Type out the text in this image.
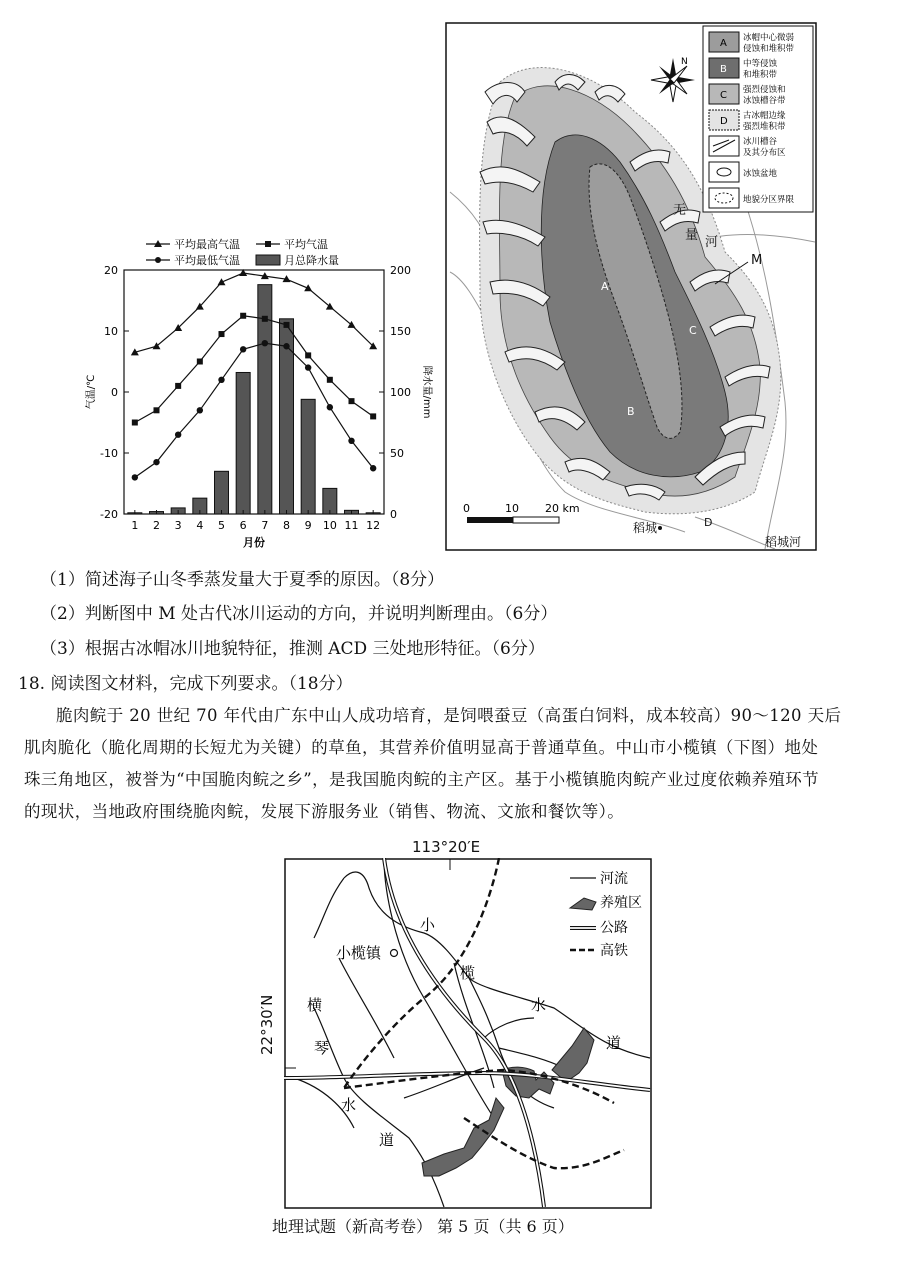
20
10
0
-10
-20
200
150
100
50
0
1 2 3 4 5 6 7 8 9 10 11 12
月份
气温/℃	降水量/mm
平均最高气温	平均气温
平均最低气温	月总降水量
A
B
C
D
M
无
量 河
稻城
稻城河
N
0	10 20 km
A 冰帽中心微弱
侵蚀和堆积带
B 中等侵蚀
和堆积带
C 强烈侵蚀和
冰蚀槽谷带
D 古冰帽边缘
强烈堆积带
冰川槽谷
及其分布区
冰蚀盆地
地貌分区界限
（1）简述海子山冬季蒸发量大于夏季的原因。（8分）
（2）判断图中 M 处古代冰川运动的方向，并说明判断理由。（6分）
（3）根据古冰帽冰川地貌特征，推测 ACD 三处地形特征。（6分）
18. 阅读图文材料，完成下列要求。（18分）
脆肉鲩于 20 世纪 70 年代由广东中山人成功培育，是饲喂蚕豆（高蛋白饲料，成本较高）90～120 天后
肌肉脆化（脆化周期的长短尤为关键）的草鱼，其营养价值明显高于普通草鱼。中山市小榄镇（下图）地处
珠三角地区，被誉为“中国脆肉鲩之乡”，是我国脆肉鲩的主产区。基于小榄镇脆肉鲩产业过度依赖养殖环节
的现状，当地政府围绕脆肉鲩，发展下游服务业（销售、物流、文旅和餐饮等）。
113°20′E
22°30′N
河流
养殖区
公路
高铁
小榄镇
小
榄
水
道
横
琴
水
道
地理试题（新高考卷） 第 5 页（共 6 页）
